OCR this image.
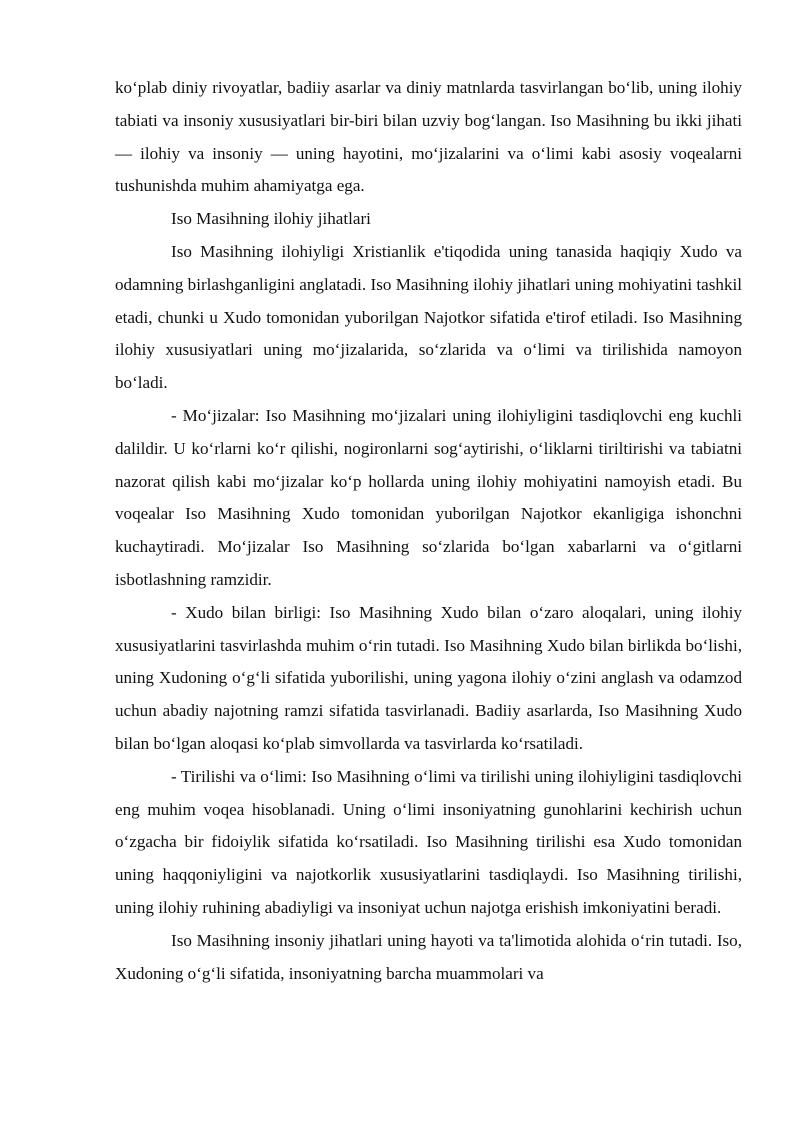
koʻplab diniy rivoyatlar, badiiy asarlar va diniy matnlarda tasvirlangan boʻlib, uning ilohiy tabiati va insoniy xususiyatlari bir-biri bilan uzviy bogʻlangan. Iso Masihning bu ikki jihati — ilohiy va insoniy — uning hayotini, moʻjizalarini va oʻlimi kabi asosiy voqealarni tushunishda muhim ahamiyatga ega.

Iso Masihning ilohiy jihatlari

Iso Masihning ilohiyligi Xristianlik e'tiqodida uning tanasida haqiqiy Xudo va odamning birlashganligini anglatadi. Iso Masihning ilohiy jihatlari uning mohiyatini tashkil etadi, chunki u Xudo tomonidan yuborilgan Najotkor sifatida e'tirof etiladi. Iso Masihning ilohiy xususiyatlari uning moʻjizalarida, soʻzlarida va oʻlimi va tirilishida namoyon boʻladi.

- Moʻjizalar: Iso Masihning moʻjizalari uning ilohiyligini tasdiqlovchi eng kuchli dalildir. U koʻrlarni koʻr qilishi, nogironlarni sogʻaytirishi, oʻliklarni tiriltirishi va tabiatni nazorat qilish kabi moʻjizalar koʻp hollarda uning ilohiy mohiyatini namoyish etadi. Bu voqealar Iso Masihning Xudo tomonidan yuborilgan Najotkor ekanligiga ishonchni kuchaytiradi. Moʻjizalar Iso Masihning soʻzlarida boʻlgan xabarlarni va oʻgitlarni isbotlashning ramzidir.

- Xudo bilan birligi: Iso Masihning Xudo bilan oʻzaro aloqalari, uning ilohiy xususiyatlarini tasvirlashda muhim oʻrin tutadi. Iso Masihning Xudo bilan birlikda boʻlishi, uning Xudoning oʻgʻli sifatida yuborilishi, uning yagona ilohiy oʻzini anglash va odamzod uchun abadiy najotning ramzi sifatida tasvirlanadi. Badiiy asarlarda, Iso Masihning Xudo bilan boʻlgan aloqasi koʻplab simvollarda va tasvirlarda koʻrsatiladi.

- Tirilishi va oʻlimi: Iso Masihning oʻlimi va tirilishi uning ilohiyligini tasdiqlovchi eng muhim voqea hisoblanadi. Uning oʻlimi insoniyatning gunohlarini kechirish uchun oʻzgacha bir fidoiylik sifatida koʻrsatiladi. Iso Masihning tirilishi esa Xudo tomonidan uning haqqoniyligini va najotkorlik xususiyatlarini tasdiqlaydi. Iso Masihning tirilishi, uning ilohiy ruhining abadiyligi va insoniyat uchun najotga erishish imkoniyatini beradi.

Iso Masihning insoniy jihatlari uning hayoti va ta'limotida alohida oʻrin tutadi. Iso, Xudoning oʻgʻli sifatida, insoniyatning barcha muammolari va
